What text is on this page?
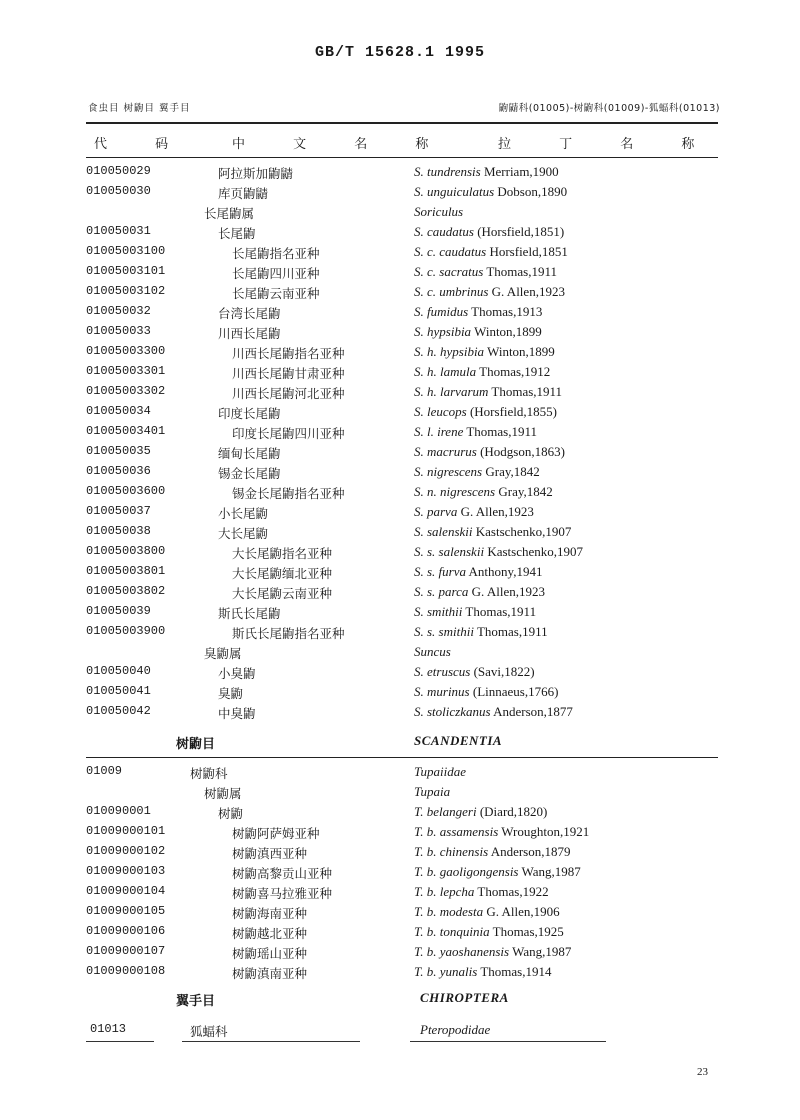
GB/T 15628.1 1995
食虫目 树鼩目 翼手目	鼩鼱科(01005)-树鼩科(01009)-狐蝠科(01013)
代 码	中 文 名 称	拉 丁 名 称
010050029	阿拉斯加鼩鼱	S. tundrensis Merriam,1900
010050030	库页鼩鼱	S. unguiculatus Dobson,1890
长尾鼩属	Soriculus
010050031	长尾鼩	S. caudatus (Horsfield,1851)
01005003100	长尾鼩指名亚种	S. c. caudatus Horsfield,1851
01005003101	长尾鼩四川亚种	S. c. sacratus Thomas,1911
01005003102	长尾鼩云南亚种	S. c. umbrinus G. Allen,1923
010050032	台湾长尾鼩	S. fumidus Thomas,1913
010050033	川西长尾鼩	S. hypsibia Winton,1899
01005003300	川西长尾鼩指名亚种	S. h. hypsibia Winton,1899
01005003301	川西长尾鼩甘肃亚种	S. h. lamula Thomas,1912
01005003302	川西长尾鼩河北亚种	S. h. larvarum Thomas,1911
010050034	印度长尾鼩	S. leucops (Horsfield,1855)
01005003401	印度长尾鼩四川亚种	S. l. irene Thomas,1911
010050035	缅甸长尾鼩	S. macrurus (Hodgson,1863)
010050036	锡金长尾鼩	S. nigrescens Gray,1842
01005003600	锡金长尾鼩指名亚种	S. n. nigrescens Gray,1842
010050037	小长尾鼩	S. parva G. Allen,1923
010050038	大长尾鼩	S. salenskii Kastschenko,1907
01005003800	大长尾鼩指名亚种	S. s. salenskii Kastschenko,1907
01005003801	大长尾鼩缅北亚种	S. s. furva Anthony,1941
01005003802	大长尾鼩云南亚种	S. s. parca G. Allen,1923
010050039	斯氏长尾鼩	S. smithii Thomas,1911
01005003900	斯氏长尾鼩指名亚种	S. s. smithii Thomas,1911
臭鼩属	Suncus
010050040	小臭鼩	S. etruscus (Savi,1822)
010050041	臭鼩	S. murinus (Linnaeus,1766)
010050042	中臭鼩	S. stoliczkanus Anderson,1877
树鼩目	SCANDENTIA
01009	树鼩科	Tupaiidae
树鼩属	Tupaia
010090001	树鼩	T. belangeri (Diard,1820)
01009000101	树鼩阿萨姆亚种	T. b. assamensis Wroughton,1921
01009000102	树鼩滇西亚种	T. b. chinensis Anderson,1879
01009000103	树鼩高黎贡山亚种	T. b. gaoligongensis Wang,1987
01009000104	树鼩喜马拉雅亚种	T. b. lepcha Thomas,1922
01009000105	树鼩海南亚种	T. b. modesta G. Allen,1906
01009000106	树鼩越北亚种	T. b. tonquinia Thomas,1925
01009000107	树鼩瑶山亚种	T. b. yaoshanensis Wang,1987
01009000108	树鼩滇南亚种	T. b. yunalis Thomas,1914
翼手目	CHIROPTERA
01013	狐蝠科	Pteropodidae
23
